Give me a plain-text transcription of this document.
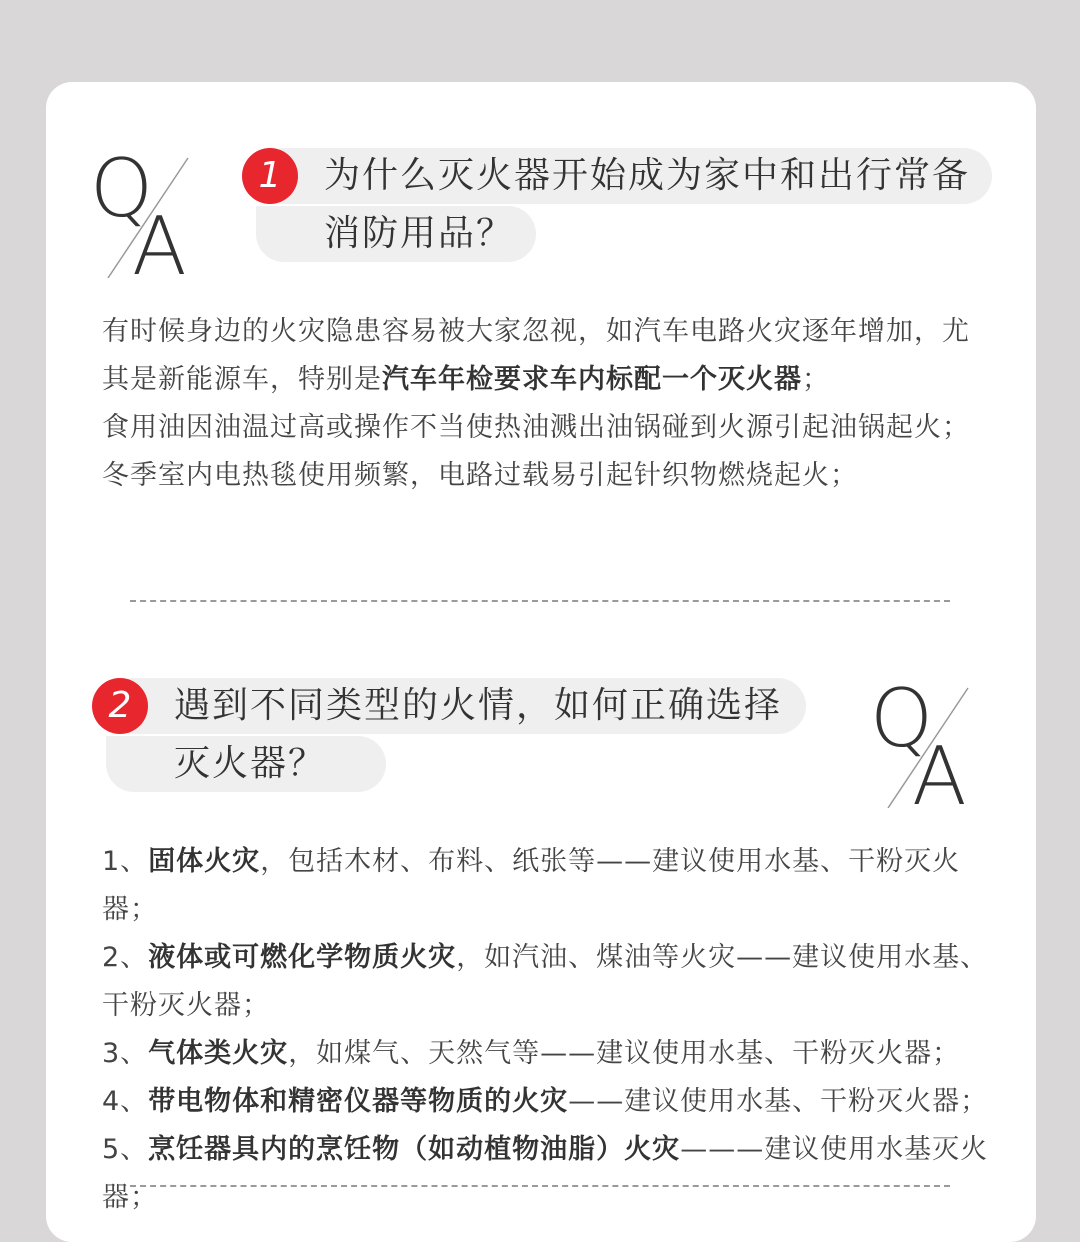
Q
A
1	为什么灭火器开始成为家中和出行常备
消防用品？

有时候身边的火灾隐患容易被大家忽视，如汽车电路火灾逐年增加，尤其是新能源车，特别是汽车年检要求车内标配一个灭火器；

食用油因油温过高或操作不当使热油溅出油锅碰到火源引起油锅起火；

冬季室内电热毯使用频繁，电路过载易引起针织物燃烧起火；

2	遇到不同类型的火情，如何正确选择
灭火器？	Q
A

1、固体火灾，包括木材、布料、纸张等——建议使用水基、干粉灭火器；

2、液体或可燃化学物质火灾，如汽油、煤油等火灾——建议使用水基、干粉灭火器；

3、气体类火灾，如煤气、天然气等——建议使用水基、干粉灭火器；

4、带电物体和精密仪器等物质的火灾——建议使用水基、干粉灭火器；

5、烹饪器具内的烹饪物（如动植物油脂）火灾———建议使用水基灭火器；
